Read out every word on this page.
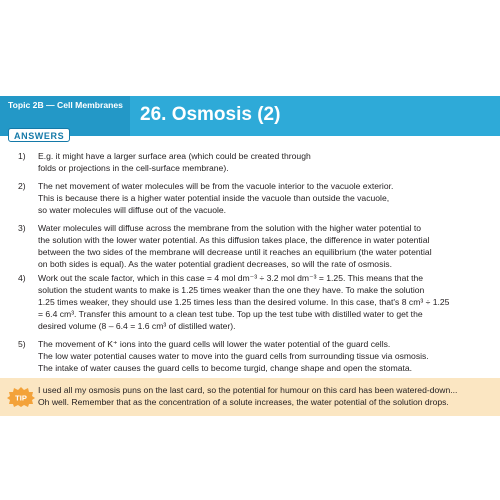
Topic 2B — Cell Membranes
ANSWERS
26. Osmosis (2)
1)	E.g. it might have a larger surface area (which could be created through
folds or projections in the cell-surface membrane).
2)	The net movement of water molecules will be from the vacuole interior to the vacuole exterior.
This is because there is a higher water potential inside the vacuole than outside the vacuole,
so water molecules will diffuse out of the vacuole.
3)	Water molecules will diffuse across the membrane from the solution with the higher water potential to
the solution with the lower water potential. As this diffusion takes place, the difference in water potential
between the two sides of the membrane will decrease until it reaches an equilibrium (the water potential
on both sides is equal). As the water potential gradient decreases, so will the rate of osmosis.
4)	Work out the scale factor, which in this case = 4 mol dm⁻³ ÷ 3.2 mol dm⁻³ = 1.25. This means that the
solution the student wants to make is 1.25 times weaker than the one they have. To make the solution
1.25 times weaker, they should use 1.25 times less than the desired volume. In this case, that's 8 cm³ ÷ 1.25
= 6.4 cm³. Transfer this amount to a clean test tube. Top up the test tube with distilled water to get the
desired volume (8 – 6.4 = 1.6 cm³ of distilled water).
5)	The movement of K⁺ ions into the guard cells will lower the water potential of the guard cells.
The low water potential causes water to move into the guard cells from surrounding tissue via osmosis.
The intake of water causes the guard cells to become turgid, change shape and open the stomata.
TIP
I used all my osmosis puns on the last card, so the potential for humour on this card has been watered-down...
Oh well. Remember that as the concentration of a solute increases, the water potential of the solution drops.
